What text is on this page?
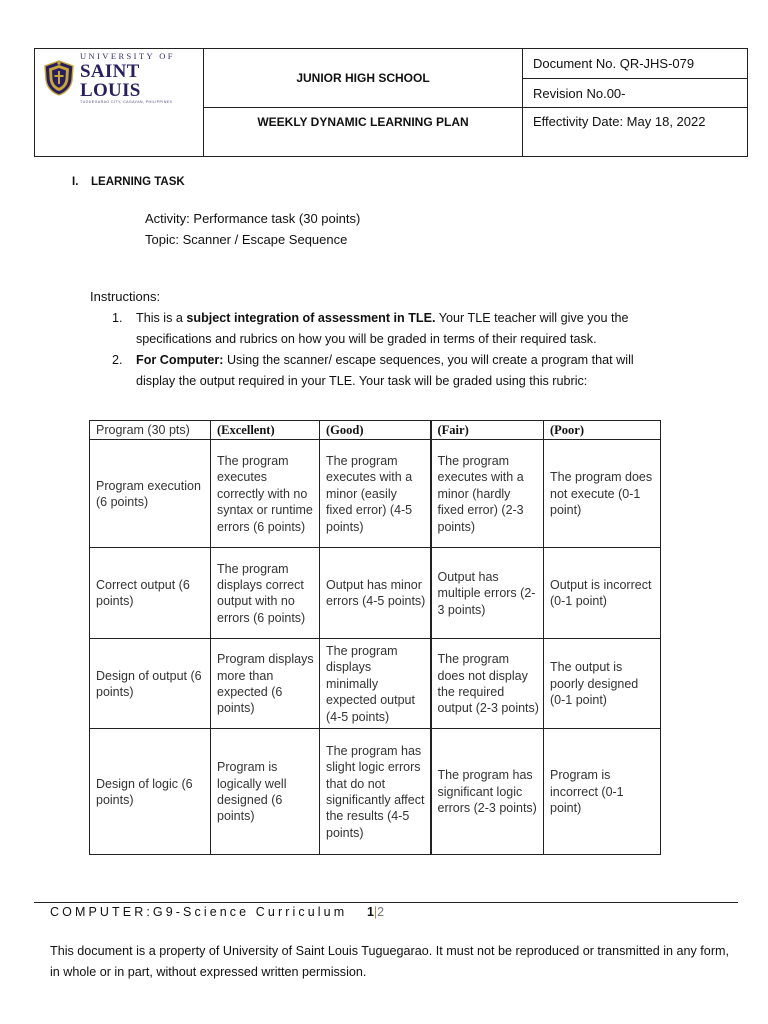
UNIVERSITY OF
SAINT LOUIS
TUGUEGARAO CITY, CAGAYAN, PHILIPPINES	JUNIOR HIGH SCHOOL	Document No. QR-JHS-079
		Revision No.00-
	WEEKLY DYNAMIC LEARNING PLAN	Effectivity Date: May 18, 2022
I. LEARNING TASK
Activity: Performance task (30 points)
Topic: Scanner / Escape Sequence
Instructions:
1. This is a subject integration of assessment in TLE. Your TLE teacher will give you the specifications and rubrics on how you will be graded in terms of their required task.
2. For Computer: Using the scanner/ escape sequences, you will create a program that will display the output required in your TLE. Your task will be graded using this rubric:
Program (30 pts)	(Excellent)	(Good)	(Fair)	(Poor)
Program execution (6 points)	The program executes correctly with no syntax or runtime errors (6 points)	The program executes with a minor (easily fixed error) (4-5 points)	The program executes with a minor (hardly fixed error) (2-3 points)	The program does not execute (0-1 point)
Correct output (6 points)	The program displays correct output with no errors (6 points)	Output has minor errors (4-5 points)	Output has multiple errors (2-3 points)	Output is incorrect (0-1 point)
Design of output (6 points)	Program displays more than expected (6 points)	The program displays minimally expected output (4-5 points)	The program does not display the required output (2-3 points)	The output is poorly designed (0-1 point)
Design of logic (6 points)	Program is logically well designed (6 points)	The program has slight logic errors that do not significantly affect the results (4-5 points)	The program has significant logic errors (2-3 points)	Program is incorrect (0-1 point)
COMPUTER:G9-Science Curriculum 1|2

This document is a property of University of Saint Louis Tuguegarao. It must not be reproduced or transmitted in any form, in whole or in part, without expressed written permission.
